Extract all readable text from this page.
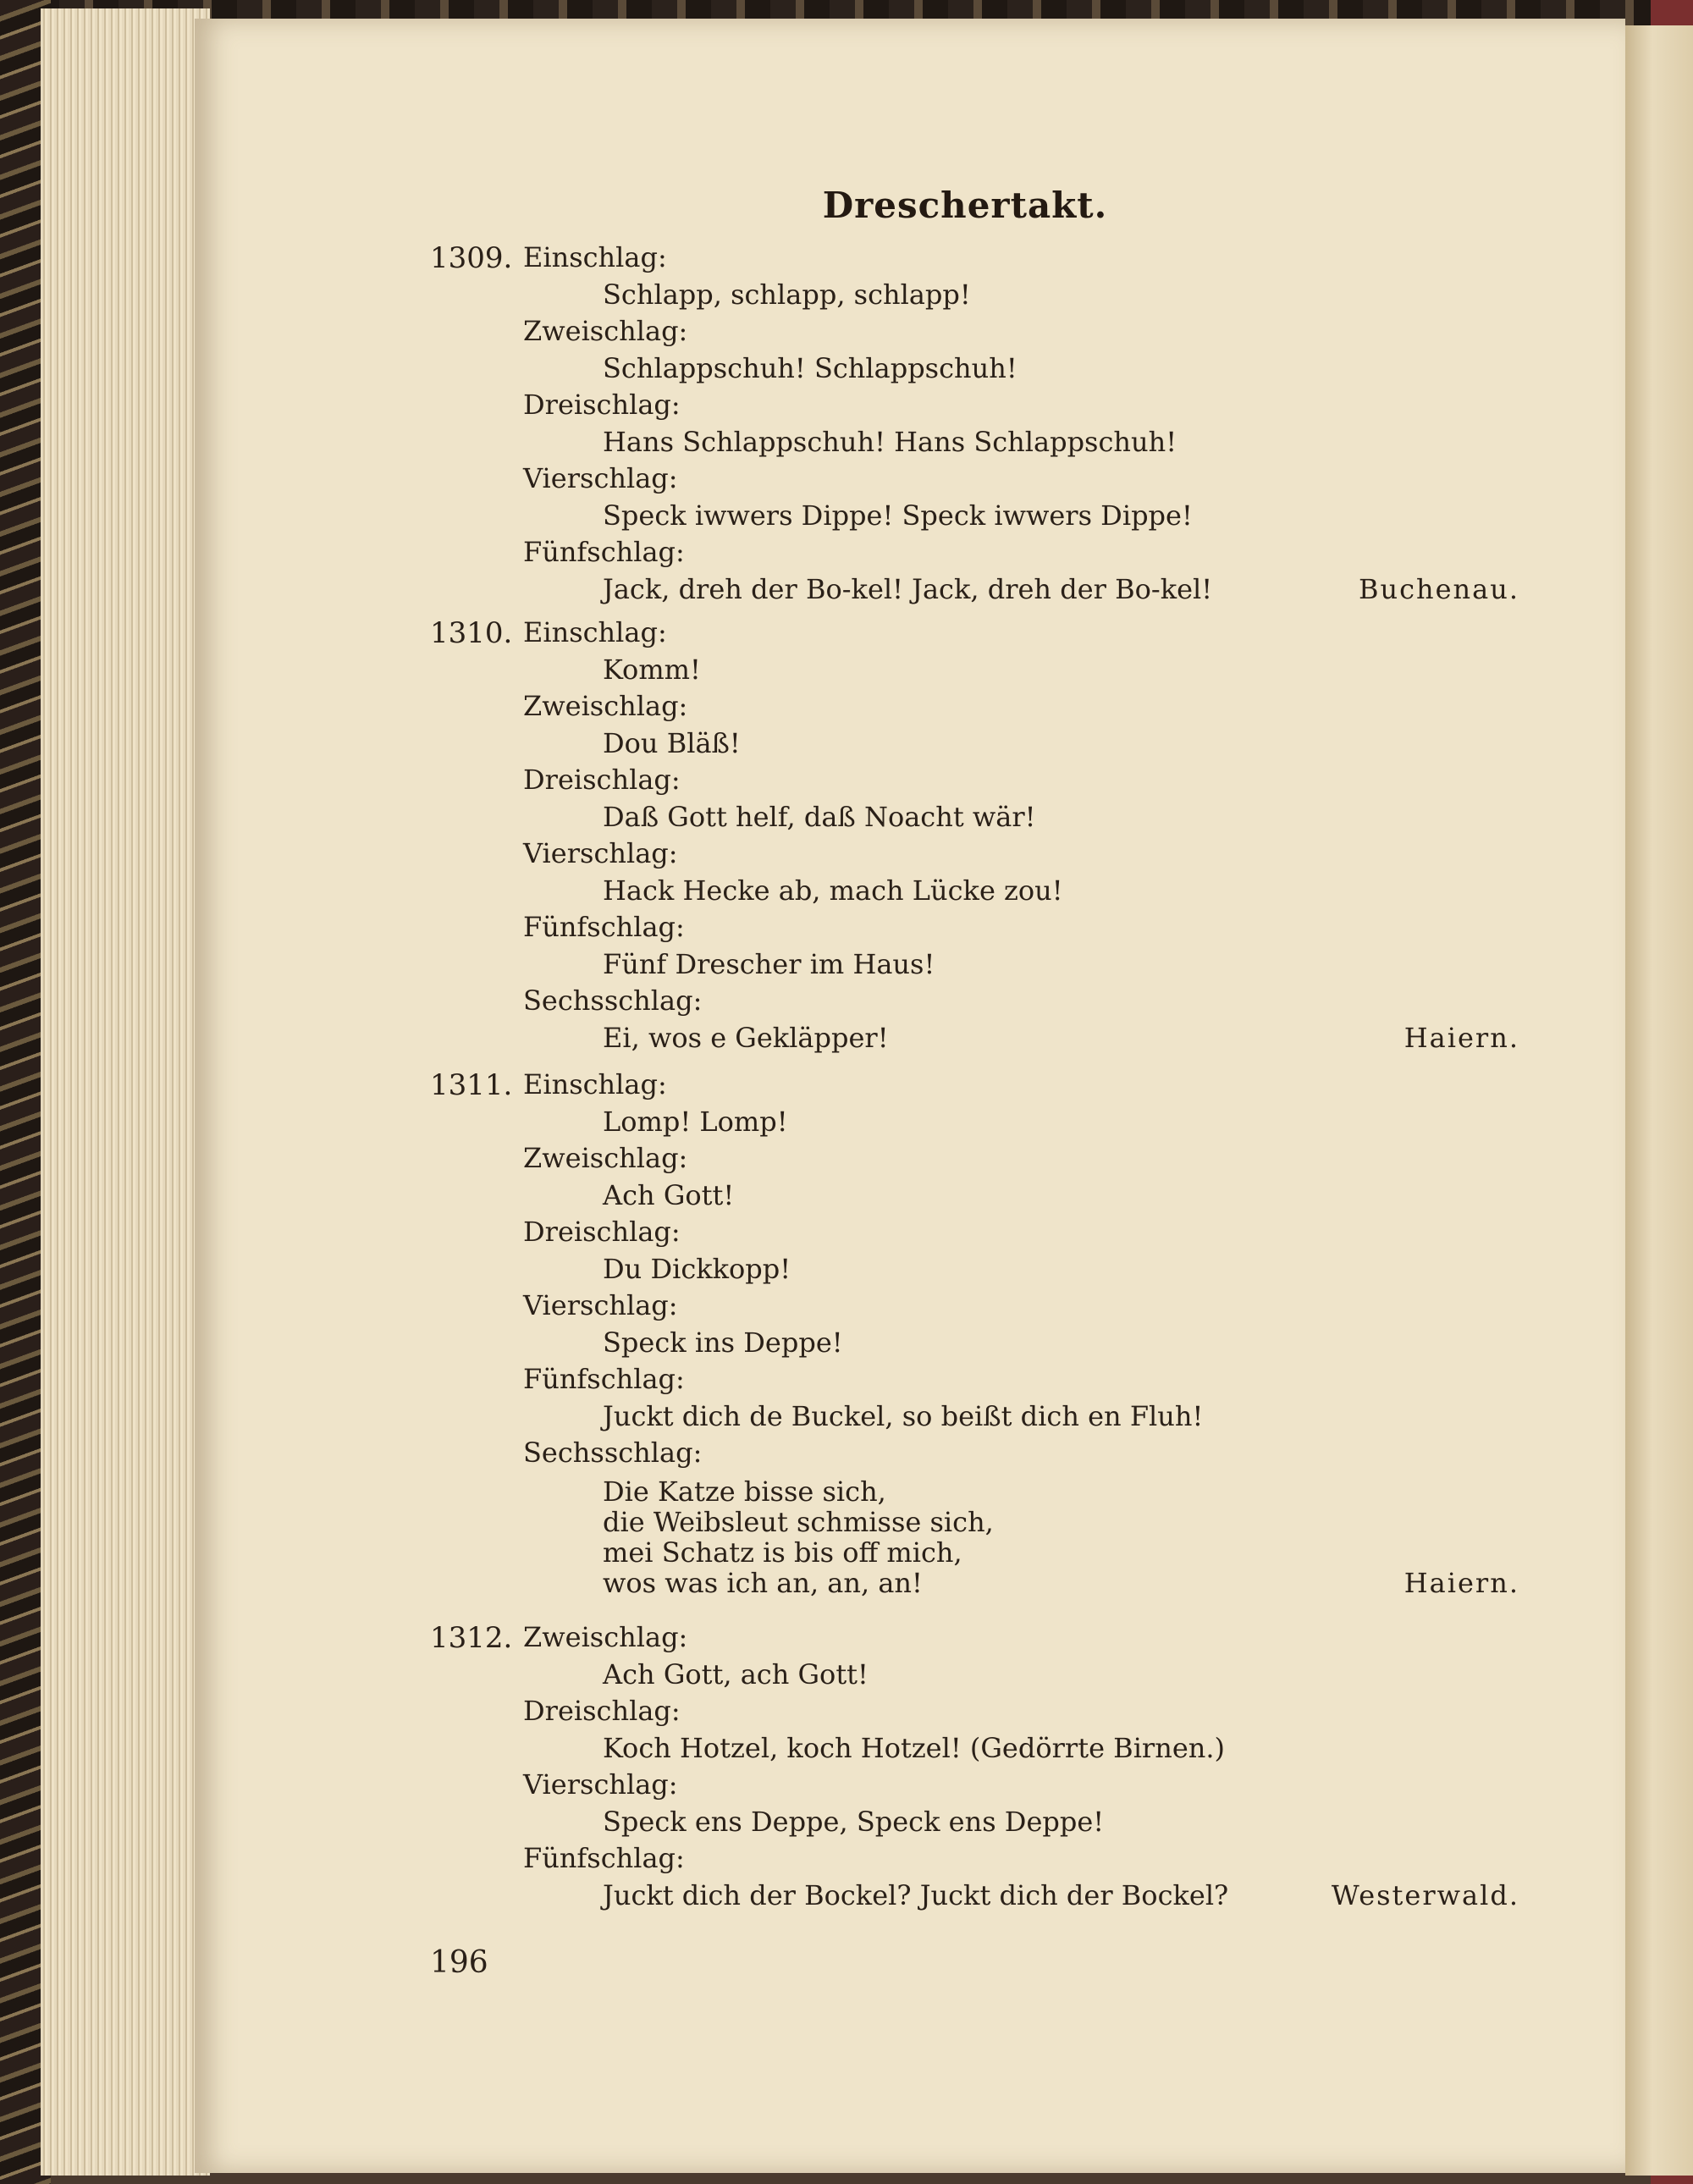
Dreschertakt.
196
1309. Einschlag:
Schlapp, schlapp, schlapp!
Zweischlag:
Schlappschuh! Schlappschuh!
Dreischlag:
Hans Schlappschuh! Hans Schlappschuh!
Vierschlag:
Speck iwwers Dippe! Speck iwwers Dippe!
Fünfschlag:
Jack, dreh der Bo-kel! Jack, dreh der Bo-kel!	Buchenau.
1310. Einschlag:
Komm!
Zweischlag:
Dou Bläß!
Dreischlag:
Daß Gott helf, daß Noacht wär!
Vierschlag:
Hack Hecke ab, mach Lücke zou!
Fünfschlag:
Fünf Drescher im Haus!
Sechsschlag:
Ei, wos e Gekläpper!	Haiern.
1311. Einschlag:
Lomp! Lomp!
Zweischlag:
Ach Gott!
Dreischlag:
Du Dickkopp!
Vierschlag:
Speck ins Deppe!
Fünfschlag:
Juckt dich de Buckel, so beißt dich en Fluh!
Sechsschlag:
Die Katze bisse sich,
die Weibsleut schmisse sich,
mei Schatz is bis off mich,
wos was ich an, an, an!	Haiern.
1312. Zweischlag:
Ach Gott, ach Gott!
Dreischlag:
Koch Hotzel, koch Hotzel! (Gedörrte Birnen.)
Vierschlag:
Speck ens Deppe, Speck ens Deppe!
Fünfschlag:
Juckt dich der Bockel? Juckt dich der Bockel?	Westerwald.
